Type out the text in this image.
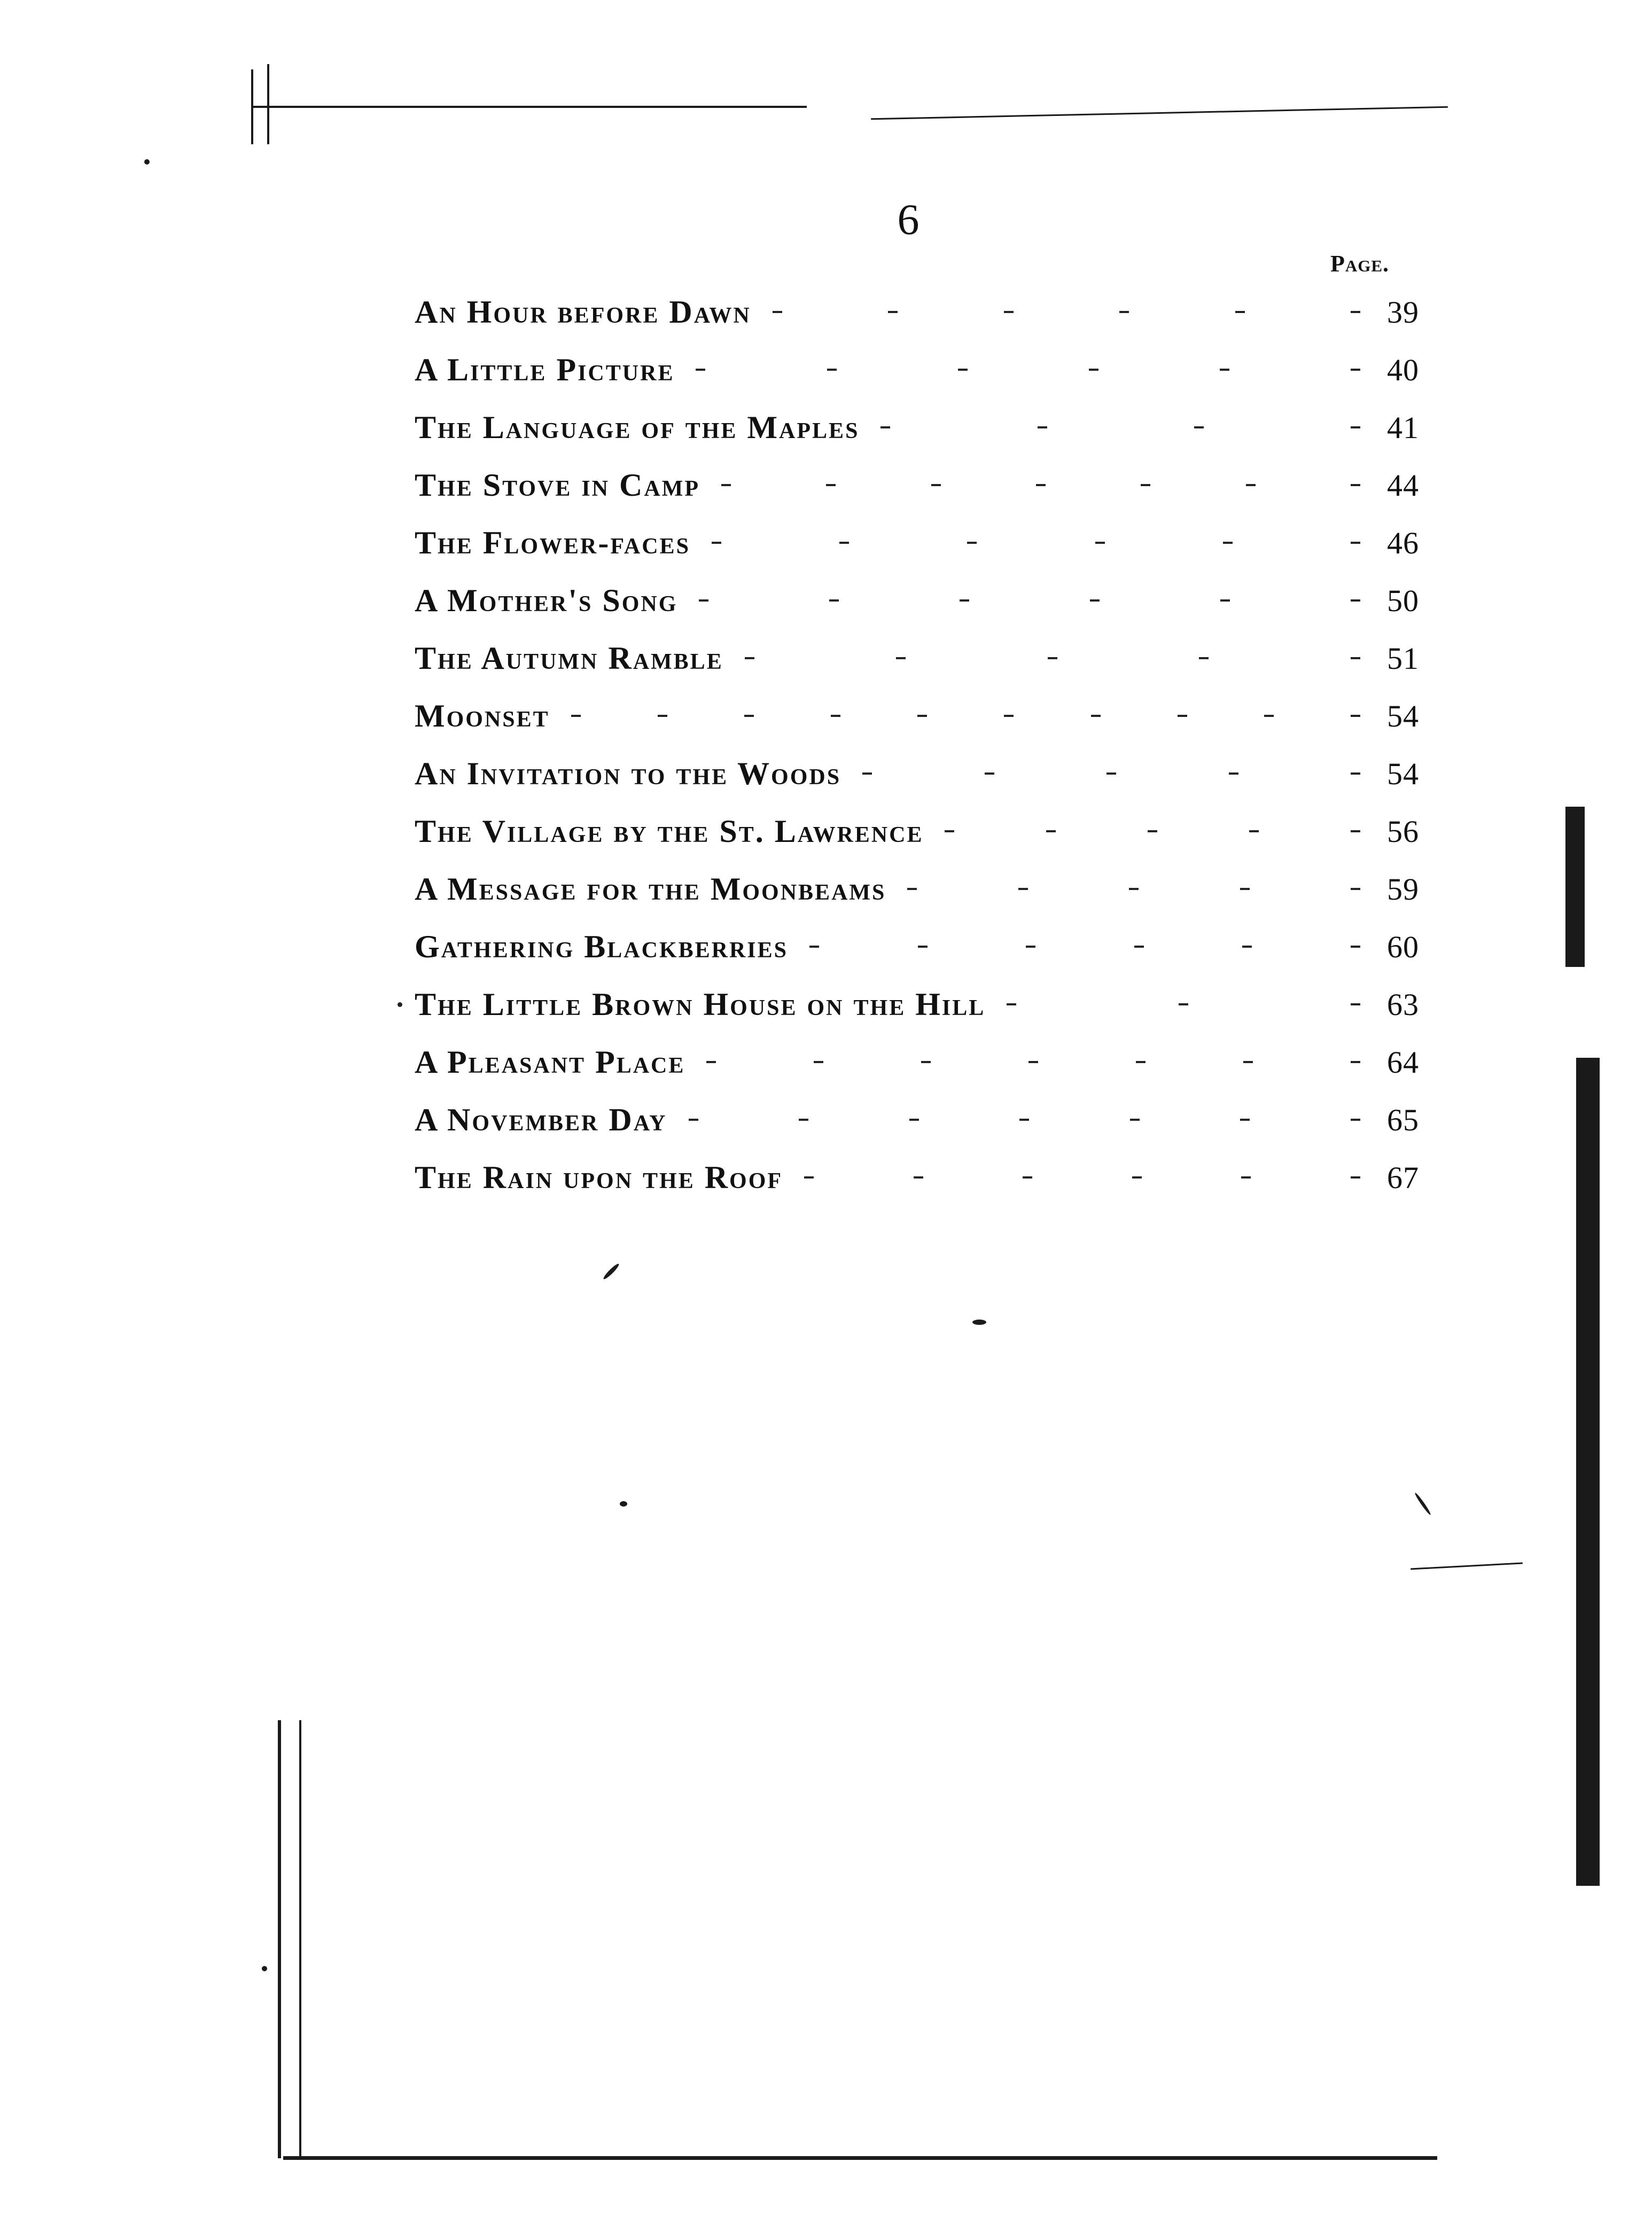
6
Page.
An Hour before Dawn	39
A Little Picture	40
The Language of the Maples	41
The Stove in Camp	44
The Flower-faces	46
A Mother's Song	50
The Autumn Ramble	51
Moonset	54
An Invitation to the Woods	54
The Village by the St. Lawrence	56
A Message for the Moonbeams	59
Gathering Blackberries	60
The Little Brown House on the Hill	63
A Pleasant Place	64
A November Day	65
The Rain upon the Roof	67
